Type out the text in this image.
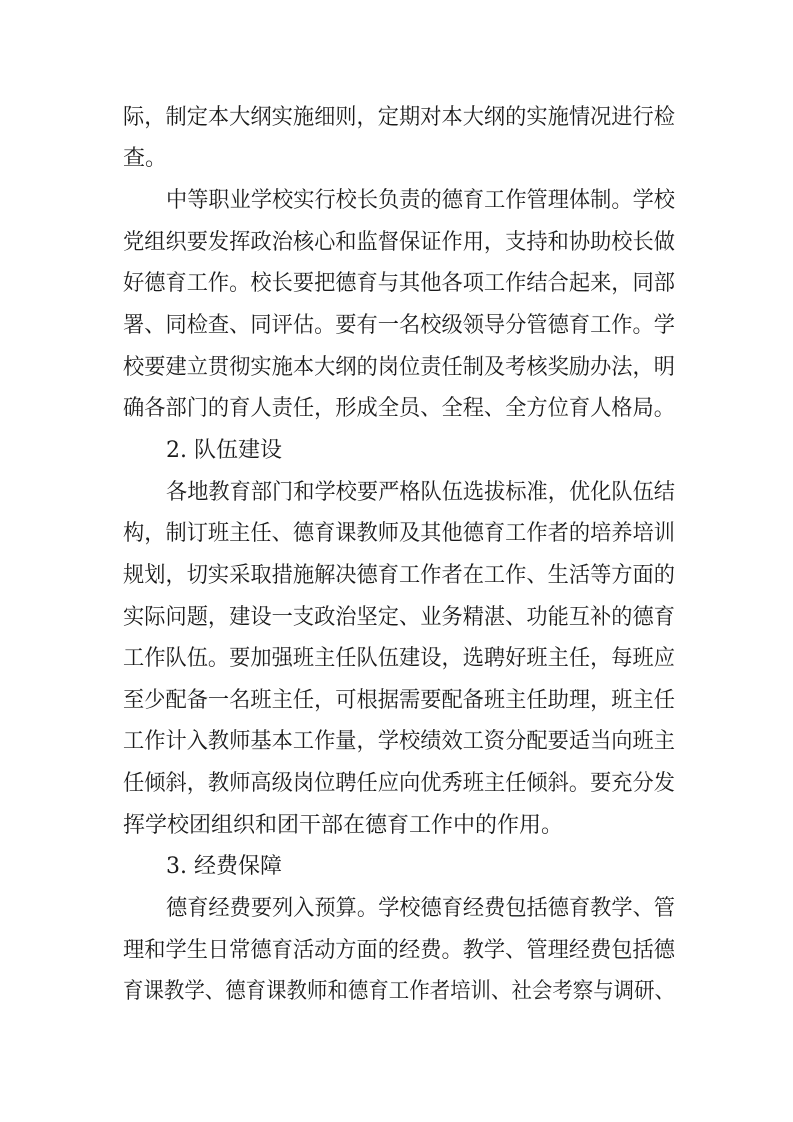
际，制定本大纲实施细则，定期对本大纲的实施情况进行检
查。
中等职业学校实行校长负责的德育工作管理体制。学校
党组织要发挥政治核心和监督保证作用，支持和协助校长做
好德育工作。校长要把德育与其他各项工作结合起来，同部
署、同检查、同评估。要有一名校级领导分管德育工作。学
校要建立贯彻实施本大纲的岗位责任制及考核奖励办法，明
确各部门的育人责任，形成全员、全程、全方位育人格局。
2. 队伍建设
各地教育部门和学校要严格队伍选拔标准，优化队伍结
构，制订班主任、德育课教师及其他德育工作者的培养培训
规划，切实采取措施解决德育工作者在工作、生活等方面的
实际问题，建设一支政治坚定、业务精湛、功能互补的德育
工作队伍。要加强班主任队伍建设，选聘好班主任，每班应
至少配备一名班主任，可根据需要配备班主任助理，班主任
工作计入教师基本工作量，学校绩效工资分配要适当向班主
任倾斜，教师高级岗位聘任应向优秀班主任倾斜。要充分发
挥学校团组织和团干部在德育工作中的作用。
3. 经费保障
德育经费要列入预算。学校德育经费包括德育教学、管
理和学生日常德育活动方面的经费。教学、管理经费包括德
育课教学、德育课教师和德育工作者培训、社会考察与调研、
